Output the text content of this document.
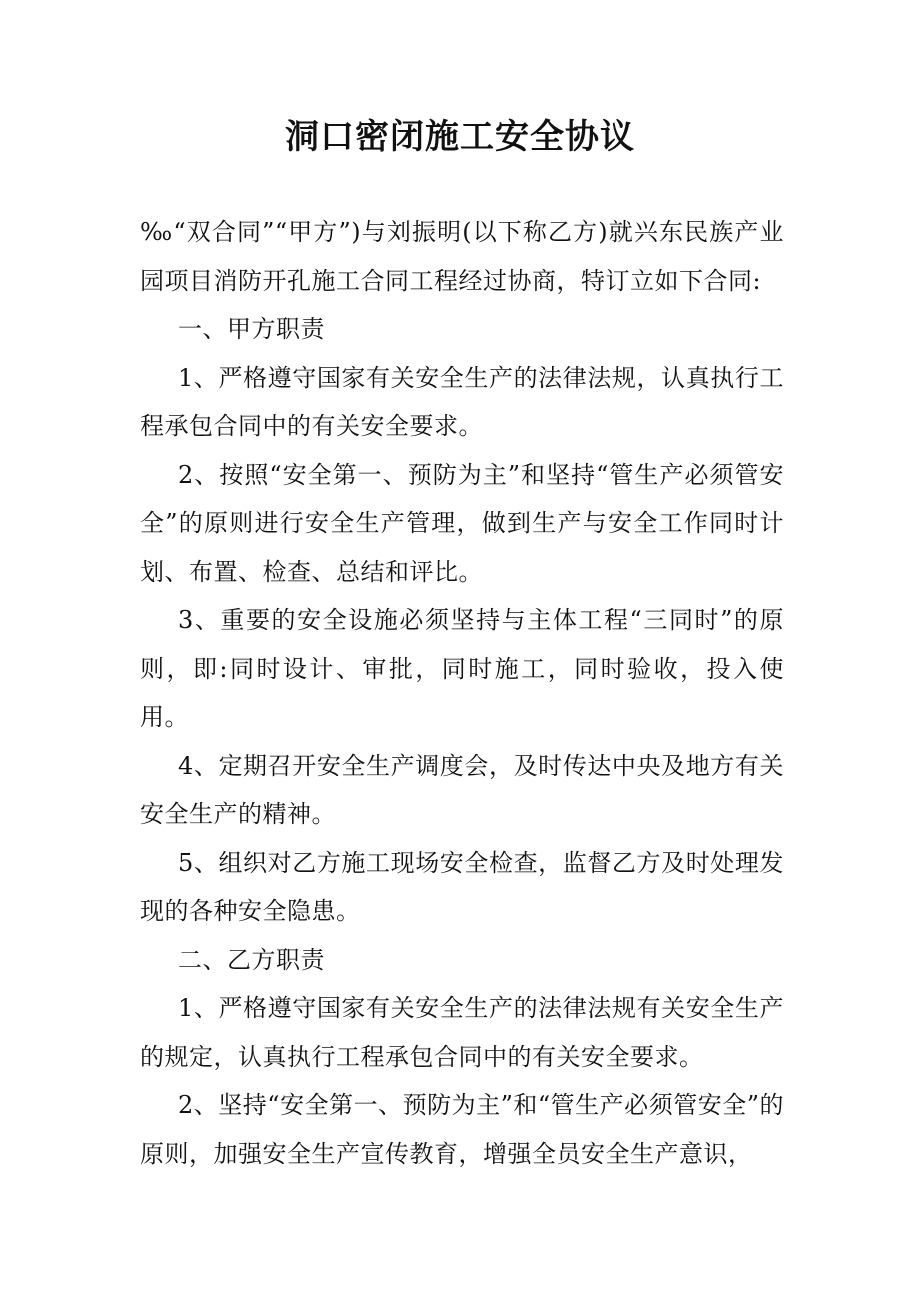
洞口密闭施工安全协议

‰“双合同”“甲方”)与刘振明(以下称乙方)就兴东民族产业园项目消防开孔施工合同工程经过协商，特订立如下合同:

一、甲方职责

1、严格遵守国家有关安全生产的法律法规，认真执行工程承包合同中的有关安全要求。

2、按照“安全第一、预防为主”和坚持“管生产必须管安全”的原则进行安全生产管理，做到生产与安全工作同时计划、布置、检查、总结和评比。

3、重要的安全设施必须坚持与主体工程“三同时”的原则，即:同时设计、审批，同时施工，同时验收，投入使用。

4、定期召开安全生产调度会，及时传达中央及地方有关安全生产的精神。

5、组织对乙方施工现场安全检查，监督乙方及时处理发现的各种安全隐患。

二、乙方职责

1、严格遵守国家有关安全生产的法律法规有关安全生产的规定，认真执行工程承包合同中的有关安全要求。

2、坚持“安全第一、预防为主”和“管生产必须管安全”的原则，加强安全生产宣传教育，增强全员安全生产意识，
